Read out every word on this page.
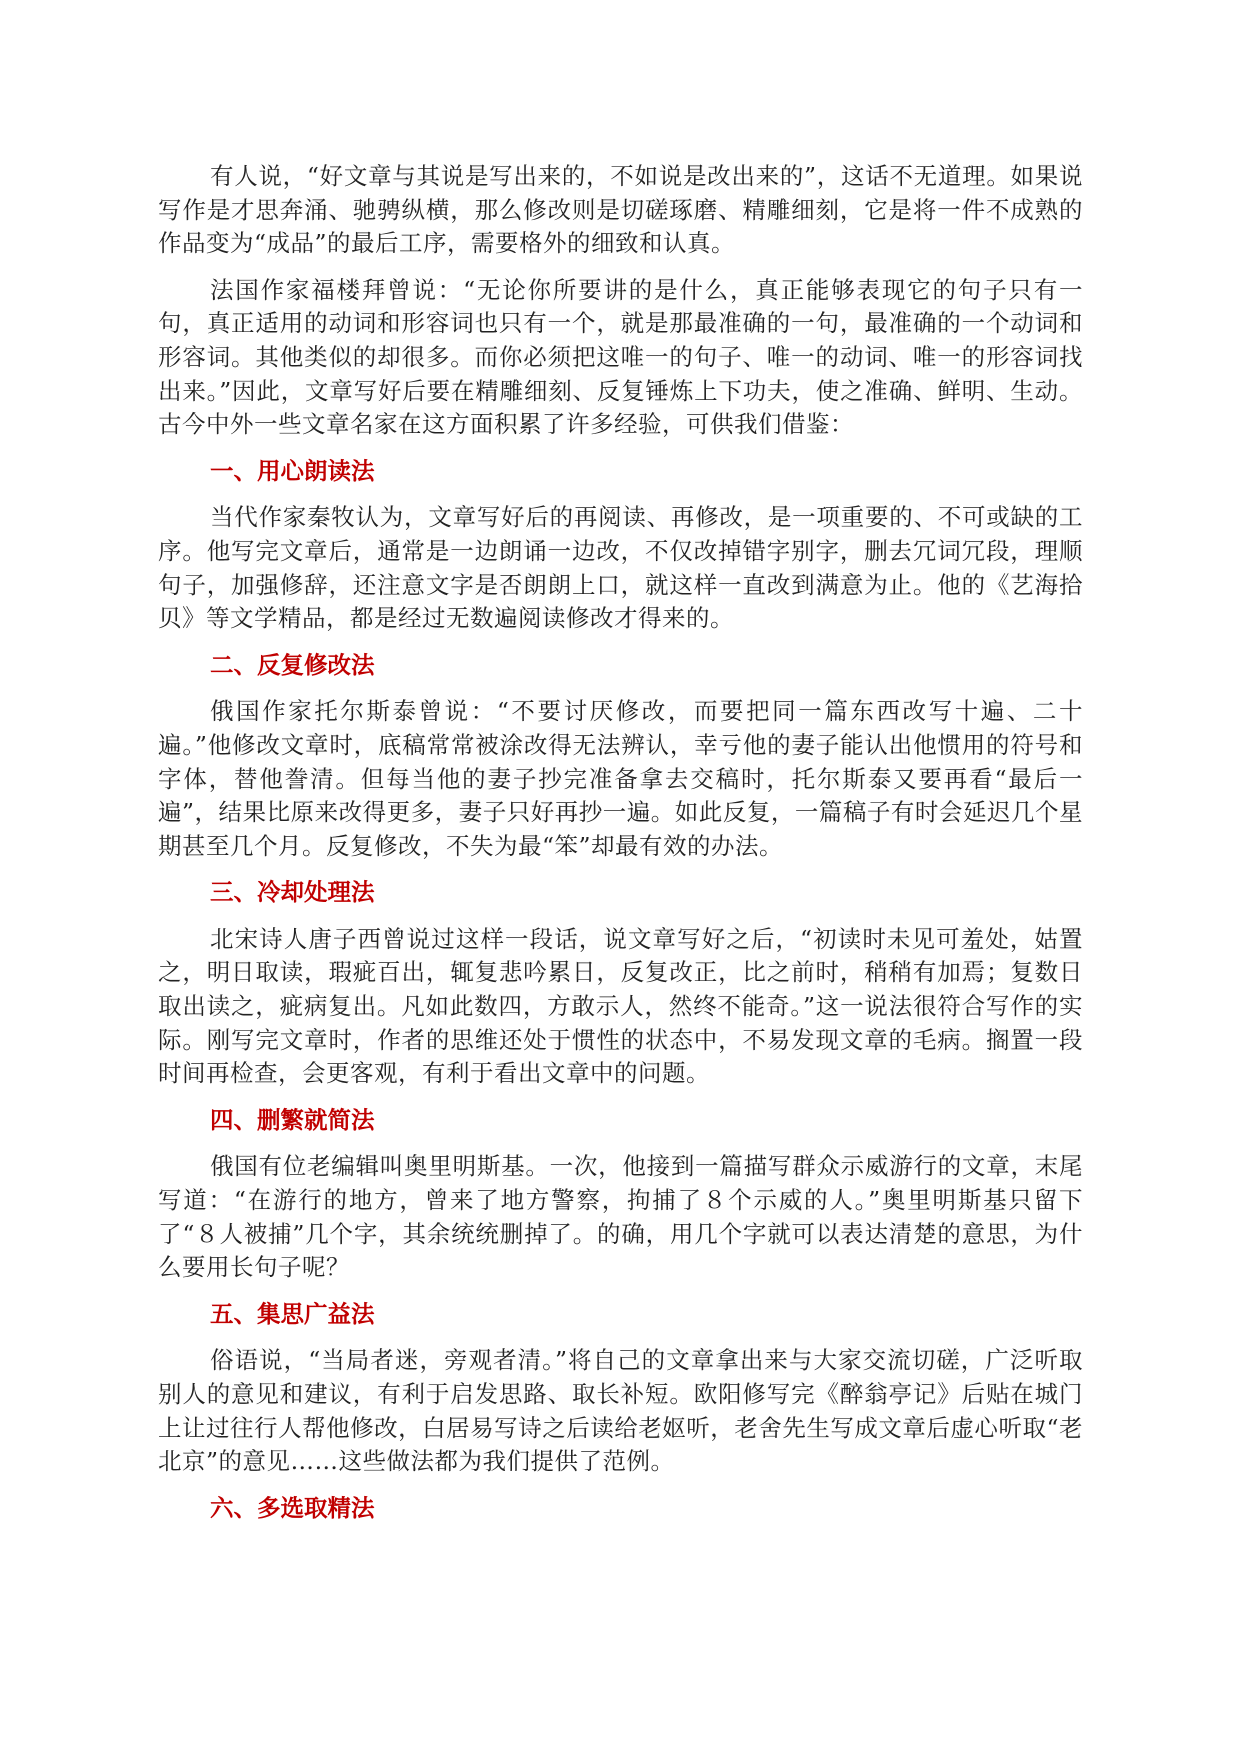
有人说，“好文章与其说是写出来的，不如说是改出来的”，这话不无道理。如果说写作是才思奔涌、驰骋纵横，那么修改则是切磋琢磨、精雕细刻，它是将一件不成熟的作品变为“成品”的最后工序，需要格外的细致和认真。

法国作家福楼拜曾说：“无论你所要讲的是什么，真正能够表现它的句子只有一句，真正适用的动词和形容词也只有一个，就是那最准确的一句，最准确的一个动词和形容词。其他类似的却很多。而你必须把这唯一的句子、唯一的动词、唯一的形容词找出来。”因此，文章写好后要在精雕细刻、反复锤炼上下功夫，使之准确、鲜明、生动。古今中外一些文章名家在这方面积累了许多经验，可供我们借鉴：

一、用心朗读法

当代作家秦牧认为，文章写好后的再阅读、再修改，是一项重要的、不可或缺的工序。他写完文章后，通常是一边朗诵一边改，不仅改掉错字别字，删去冗词冗段，理顺句子，加强修辞，还注意文字是否朗朗上口，就这样一直改到满意为止。他的《艺海拾贝》等文学精品，都是经过无数遍阅读修改才得来的。

二、反复修改法

俄国作家托尔斯泰曾说：“不要讨厌修改，而要把同一篇东西改写十遍、二十遍。”他修改文章时，底稿常常被涂改得无法辨认，幸亏他的妻子能认出他惯用的符号和字体，替他誊清。但每当他的妻子抄完准备拿去交稿时，托尔斯泰又要再看“最后一遍”，结果比原来改得更多，妻子只好再抄一遍。如此反复，一篇稿子有时会延迟几个星期甚至几个月。反复修改，不失为最“笨”却最有效的办法。

三、冷却处理法

北宋诗人唐子西曾说过这样一段话，说文章写好之后，“初读时未见可羞处，姑置之，明日取读，瑕疵百出，辄复悲吟累日，反复改正，比之前时，稍稍有加焉；复数日取出读之，疵病复出。凡如此数四，方敢示人，然终不能奇。”这一说法很符合写作的实际。刚写完文章时，作者的思维还处于惯性的状态中，不易发现文章的毛病。搁置一段时间再检查，会更客观，有利于看出文章中的问题。

四、删繁就简法

俄国有位老编辑叫奥里明斯基。一次，他接到一篇描写群众示威游行的文章，末尾写道：“在游行的地方，曾来了地方警察，拘捕了８个示威的人。”奥里明斯基只留下了“８人被捕”几个字，其余统统删掉了。的确，用几个字就可以表达清楚的意思，为什么要用长句子呢？

五、集思广益法

俗语说，“当局者迷，旁观者清。”将自己的文章拿出来与大家交流切磋，广泛听取别人的意见和建议，有利于启发思路、取长补短。欧阳修写完《醉翁亭记》后贴在城门上让过往行人帮他修改，白居易写诗之后读给老妪听，老舍先生写成文章后虚心听取“老北京”的意见……这些做法都为我们提供了范例。

六、多选取精法
